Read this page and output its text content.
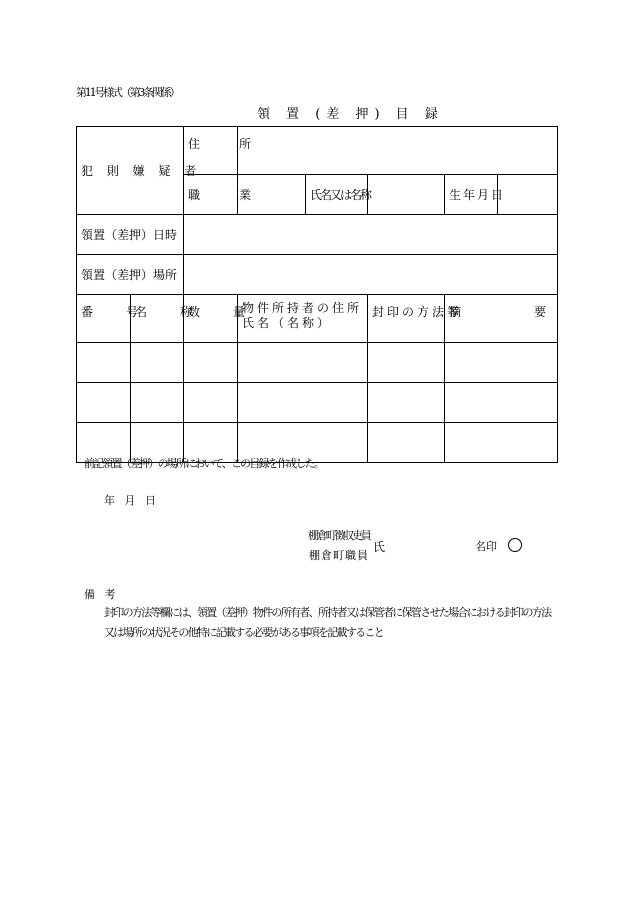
第11号様式（第3条関係）
領 置 (差 押) 目 録
犯 則 嫌 疑 者		住　　所					
		職　　業		氏名又は名称		生年月日	
領置（差押）日時							
領置（差押）場所							
番　　号	名　　称	数　　量	物件所持者の住所氏名（名称）		封印の方法等	摘　　　　要	

前記領置（差押）の場所において、この目録を作成した。
年 月 日
棚倉町徴収吏員
棚倉町職員
氏	名印
備 考
封印の方法等欄には、領置（差押）物件の所有者、所持者又は保管者に保管させた場合における封印の方法又は場所の状況その他特に記載する必要がある事項を記載すること
